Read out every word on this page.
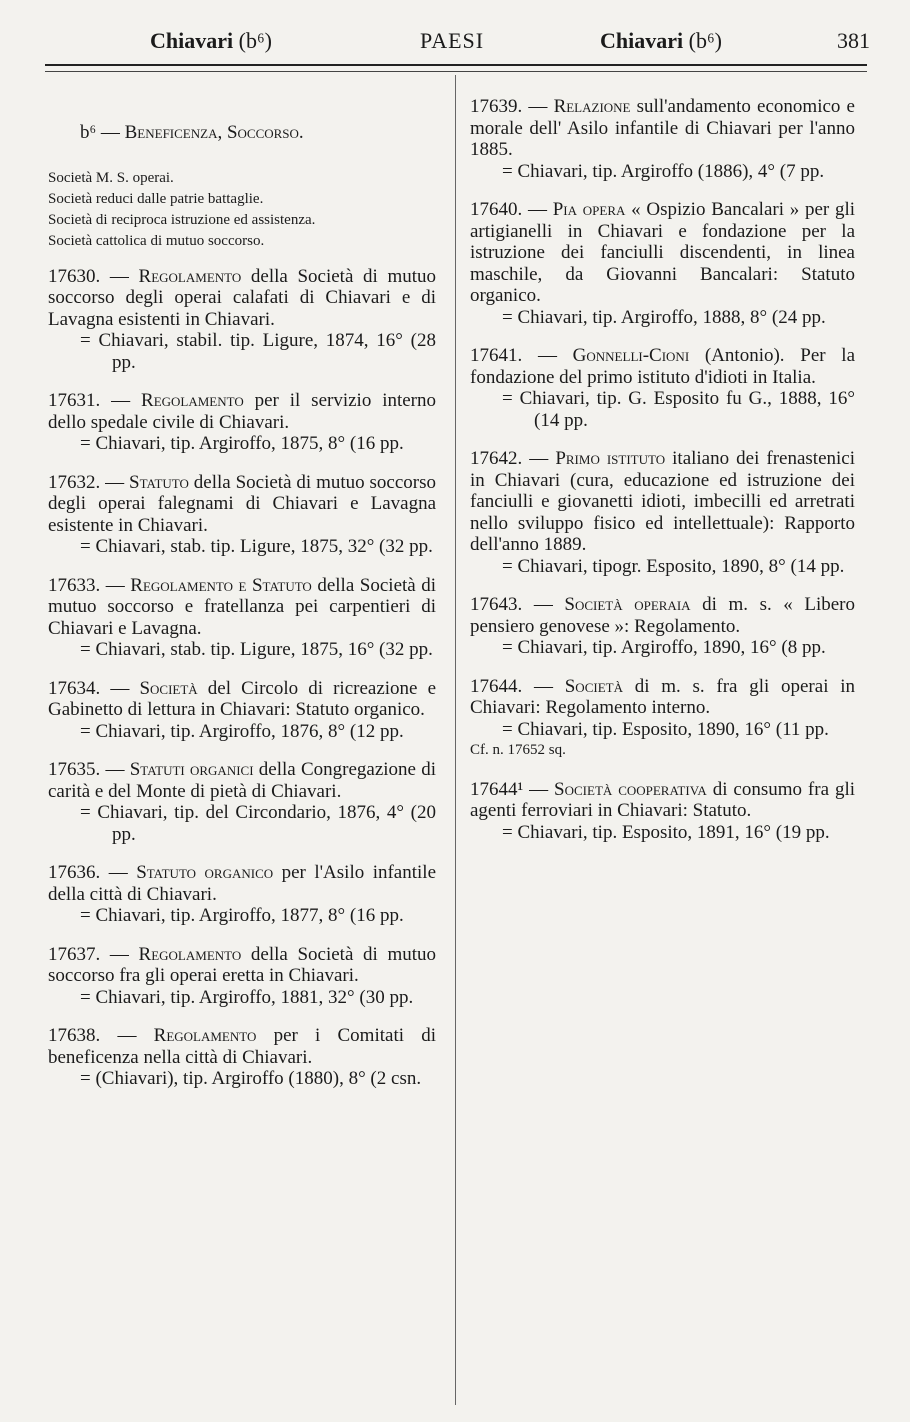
Chiavari (b⁶)	PAESI	Chiavari (b⁶)	381
b⁶ — Beneficenza, Soccorso.
Società M. S. operai.
Società reduci dalle patrie battaglie.
Società di reciproca istruzione ed assistenza.
Società cattolica di mutuo soccorso.

17630. — Regolamento della Società di mutuo soccorso degli operai calafati di Chiavari e di Lavagna esistenti in Chiavari.

= Chiavari, stabil. tip. Ligure, 1874, 16° (28 pp.

17631. — Regolamento per il servizio interno dello spedale civile di Chiavari.

= Chiavari, tip. Argiroffo, 1875, 8° (16 pp.

17632. — Statuto della Società di mutuo soccorso degli operai falegnami di Chiavari e Lavagna esistente in Chiavari.

= Chiavari, stab. tip. Ligure, 1875, 32° (32 pp.

17633. — Regolamento e Statuto della Società di mutuo soccorso e fratellanza pei carpentieri di Chiavari e Lavagna.

= Chiavari, stab. tip. Ligure, 1875, 16° (32 pp.

17634. — Società del Circolo di ricreazione e Gabinetto di lettura in Chiavari: Statuto organico.

= Chiavari, tip. Argiroffo, 1876, 8° (12 pp.

17635. — Statuti organici della Congregazione di carità e del Monte di pietà di Chiavari.

= Chiavari, tip. del Circondario, 1876, 4° (20 pp.

17636. — Statuto organico per l'Asilo infantile della città di Chiavari.

= Chiavari, tip. Argiroffo, 1877, 8° (16 pp.

17637. — Regolamento della Società di mutuo soccorso fra gli operai eretta in Chiavari.

= Chiavari, tip. Argiroffo, 1881, 32° (30 pp.

17638. — Regolamento per i Comitati di beneficenza nella città di Chiavari.

= (Chiavari), tip. Argiroffo (1880), 8° (2 csn.

17639. — Relazione sull'andamento economico e morale dell' Asilo infantile di Chiavari per l'anno 1885.

= Chiavari, tip. Argiroffo (1886), 4° (7 pp.

17640. — Pia opera « Ospizio Bancalari » per gli artigianelli in Chiavari e fondazione per la istruzione dei fanciulli discendenti, in linea maschile, da Giovanni Bancalari: Statuto organico.

= Chiavari, tip. Argiroffo, 1888, 8° (24 pp.

17641. — Gonnelli-Cioni (Antonio). Per la fondazione del primo istituto d'idioti in Italia.

= Chiavari, tip. G. Esposito fu G., 1888, 16° (14 pp.

17642. — Primo istituto italiano dei frenastenici in Chiavari (cura, educazione ed istruzione dei fanciulli e giovanetti idioti, imbecilli ed arretrati nello sviluppo fisico ed intellettuale): Rapporto dell'anno 1889.

= Chiavari, tipogr. Esposito, 1890, 8° (14 pp.

17643. — Società operaia di m. s. « Libero pensiero genovese »: Regolamento.

= Chiavari, tip. Argiroffo, 1890, 16° (8 pp.

17644. — Società di m. s. fra gli operai in Chiavari: Regolamento interno.

= Chiavari, tip. Esposito, 1890, 16° (11 pp.

Cf. n. 17652 sq.

17644¹ — Società cooperativa di consumo fra gli agenti ferroviari in Chiavari: Statuto.

= Chiavari, tip. Esposito, 1891, 16° (19 pp.
